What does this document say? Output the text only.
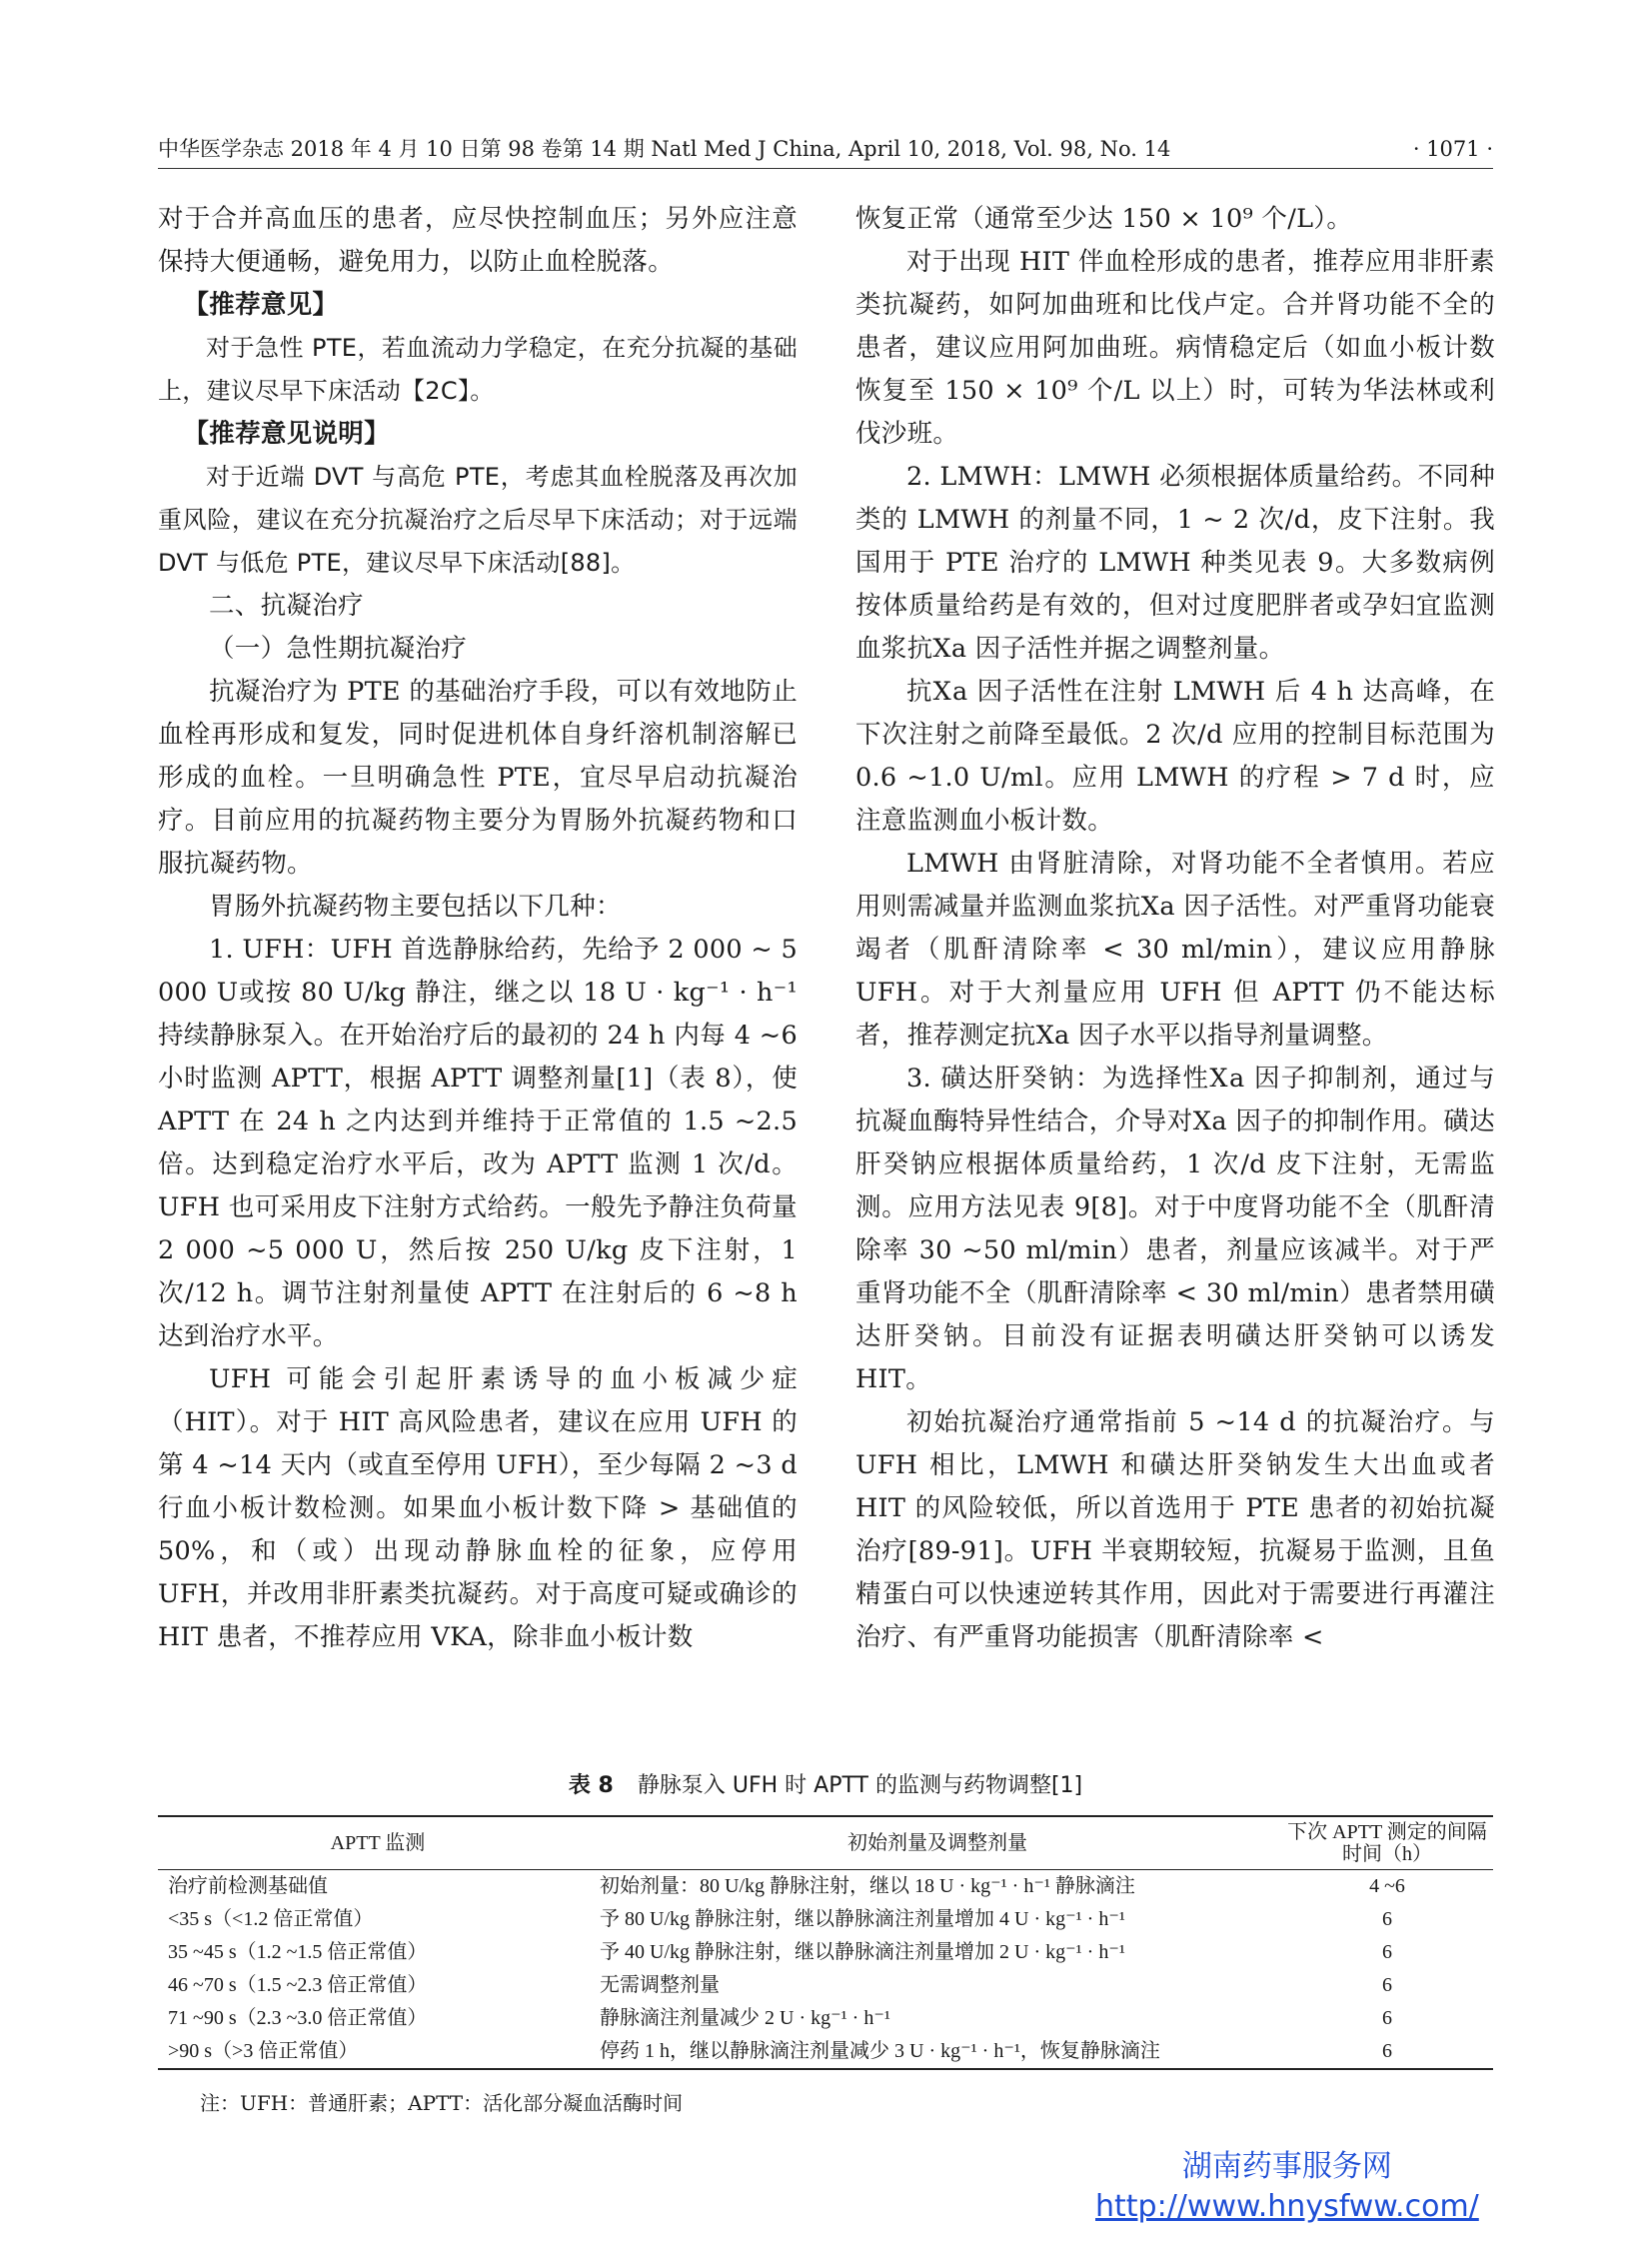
中华医学杂志 2018 年 4 月 10 日第 98 卷第 14 期 Natl Med J China, April 10, 2018, Vol. 98, No. 14	· 1071 ·

对于合并高血压的患者，应尽快控制血压；另外应注意保持大便通畅，避免用力，以防止血栓脱落。

【推荐意见】

对于急性 PTE，若血流动力学稳定，在充分抗凝的基础上，建议尽早下床活动【2C】。

【推荐意见说明】

对于近端 DVT 与高危 PTE，考虑其血栓脱落及再次加重风险，建议在充分抗凝治疗之后尽早下床活动；对于远端 DVT 与低危 PTE，建议尽早下床活动[88]。

二、抗凝治疗

（一）急性期抗凝治疗

抗凝治疗为 PTE 的基础治疗手段，可以有效地防止血栓再形成和复发，同时促进机体自身纤溶机制溶解已形成的血栓。一旦明确急性 PTE，宜尽早启动抗凝治疗。目前应用的抗凝药物主要分为胃肠外抗凝药物和口服抗凝药物。

胃肠外抗凝药物主要包括以下几种：

1. UFH：UFH 首选静脉给药，先给予 2 000 ~ 5 000 U或按 80 U/kg 静注，继之以 18 U · kg⁻¹ · h⁻¹持续静脉泵入。在开始治疗后的最初的 24 h 内每 4 ~6 小时监测 APTT，根据 APTT 调整剂量[1]（表 8），使 APTT 在 24 h 之内达到并维持于正常值的 1.5 ~2.5 倍。达到稳定治疗水平后，改为 APTT 监测 1 次/d。UFH 也可采用皮下注射方式给药。一般先予静注负荷量 2 000 ~5 000 U，然后按 250 U/kg 皮下注射，1 次/12 h。调节注射剂量使 APTT 在注射后的 6 ~8 h 达到治疗水平。

UFH 可能会引起肝素诱导的血小板减少症（HIT）。对于 HIT 高风险患者，建议在应用 UFH 的第 4 ~14 天内（或直至停用 UFH），至少每隔 2 ~3 d 行血小板计数检测。如果血小板计数下降 > 基础值的 50%，和（或）出现动静脉血栓的征象，应停用 UFH，并改用非肝素类抗凝药。对于高度可疑或确诊的 HIT 患者，不推荐应用 VKA，除非血小板计数

恢复正常（通常至少达 150 × 10⁹ 个/L）。

对于出现 HIT 伴血栓形成的患者，推荐应用非肝素类抗凝药，如阿加曲班和比伐卢定。合并肾功能不全的患者，建议应用阿加曲班。病情稳定后（如血小板计数恢复至 150 × 10⁹ 个/L 以上）时，可转为华法林或利伐沙班。

2. LMWH：LMWH 必须根据体质量给药。不同种类的 LMWH 的剂量不同，1 ~ 2 次/d，皮下注射。我国用于 PTE 治疗的 LMWH 种类见表 9。大多数病例按体质量给药是有效的，但对过度肥胖者或孕妇宜监测血浆抗Ⅹa 因子活性并据之调整剂量。

抗Ⅹa 因子活性在注射 LMWH 后 4 h 达高峰，在下次注射之前降至最低。2 次/d 应用的控制目标范围为 0.6 ~1.0 U/ml。应用 LMWH 的疗程 > 7 d 时，应注意监测血小板计数。

LMWH 由肾脏清除，对肾功能不全者慎用。若应用则需减量并监测血浆抗Ⅹa 因子活性。对严重肾功能衰竭者（肌酐清除率 < 30 ml/min），建议应用静脉 UFH。对于大剂量应用 UFH 但 APTT 仍不能达标者，推荐测定抗Ⅹa 因子水平以指导剂量调整。

3. 磺达肝癸钠：为选择性Ⅹa 因子抑制剂，通过与抗凝血酶特异性结合，介导对Ⅹa 因子的抑制作用。磺达肝癸钠应根据体质量给药，1 次/d 皮下注射，无需监测。应用方法见表 9[8]。对于中度肾功能不全（肌酐清除率 30 ~50 ml/min）患者，剂量应该减半。对于严重肾功能不全（肌酐清除率 < 30 ml/min）患者禁用磺达肝癸钠。目前没有证据表明磺达肝癸钠可以诱发 HIT。

初始抗凝治疗通常指前 5 ~14 d 的抗凝治疗。与 UFH 相比，LMWH 和磺达肝癸钠发生大出血或者 HIT 的风险较低，所以首选用于 PTE 患者的初始抗凝治疗[89-91]。UFH 半衰期较短，抗凝易于监测，且鱼精蛋白可以快速逆转其作用，因此对于需要进行再灌注治疗、有严重肾功能损害（肌酐清除率 <

表 8 静脉泵入 UFH 时 APTT 的监测与药物调整[1]
APTT 监测	初始剂量及调整剂量	下次 APTT 测定的间隔时间（h）
治疗前检测基础值	初始剂量：80 U/kg 静脉注射，继以 18 U · kg⁻¹ · h⁻¹ 静脉滴注	4 ~6
<35 s（<1.2 倍正常值）	予 80 U/kg 静脉注射，继以静脉滴注剂量增加 4 U · kg⁻¹ · h⁻¹	6
35 ~45 s（1.2 ~1.5 倍正常值）	予 40 U/kg 静脉注射，继以静脉滴注剂量增加 2 U · kg⁻¹ · h⁻¹	6
46 ~70 s（1.5 ~2.3 倍正常值）	无需调整剂量	6
71 ~90 s（2.3 ~3.0 倍正常值）	静脉滴注剂量减少 2 U · kg⁻¹ · h⁻¹	6
>90 s（>3 倍正常值）	停药 1 h，继以静脉滴注剂量减少 3 U · kg⁻¹ · h⁻¹，恢复静脉滴注	6
注：UFH：普通肝素；APTT：活化部分凝血活酶时间
湖南药事服务网
http://www.hnysfww.com/
